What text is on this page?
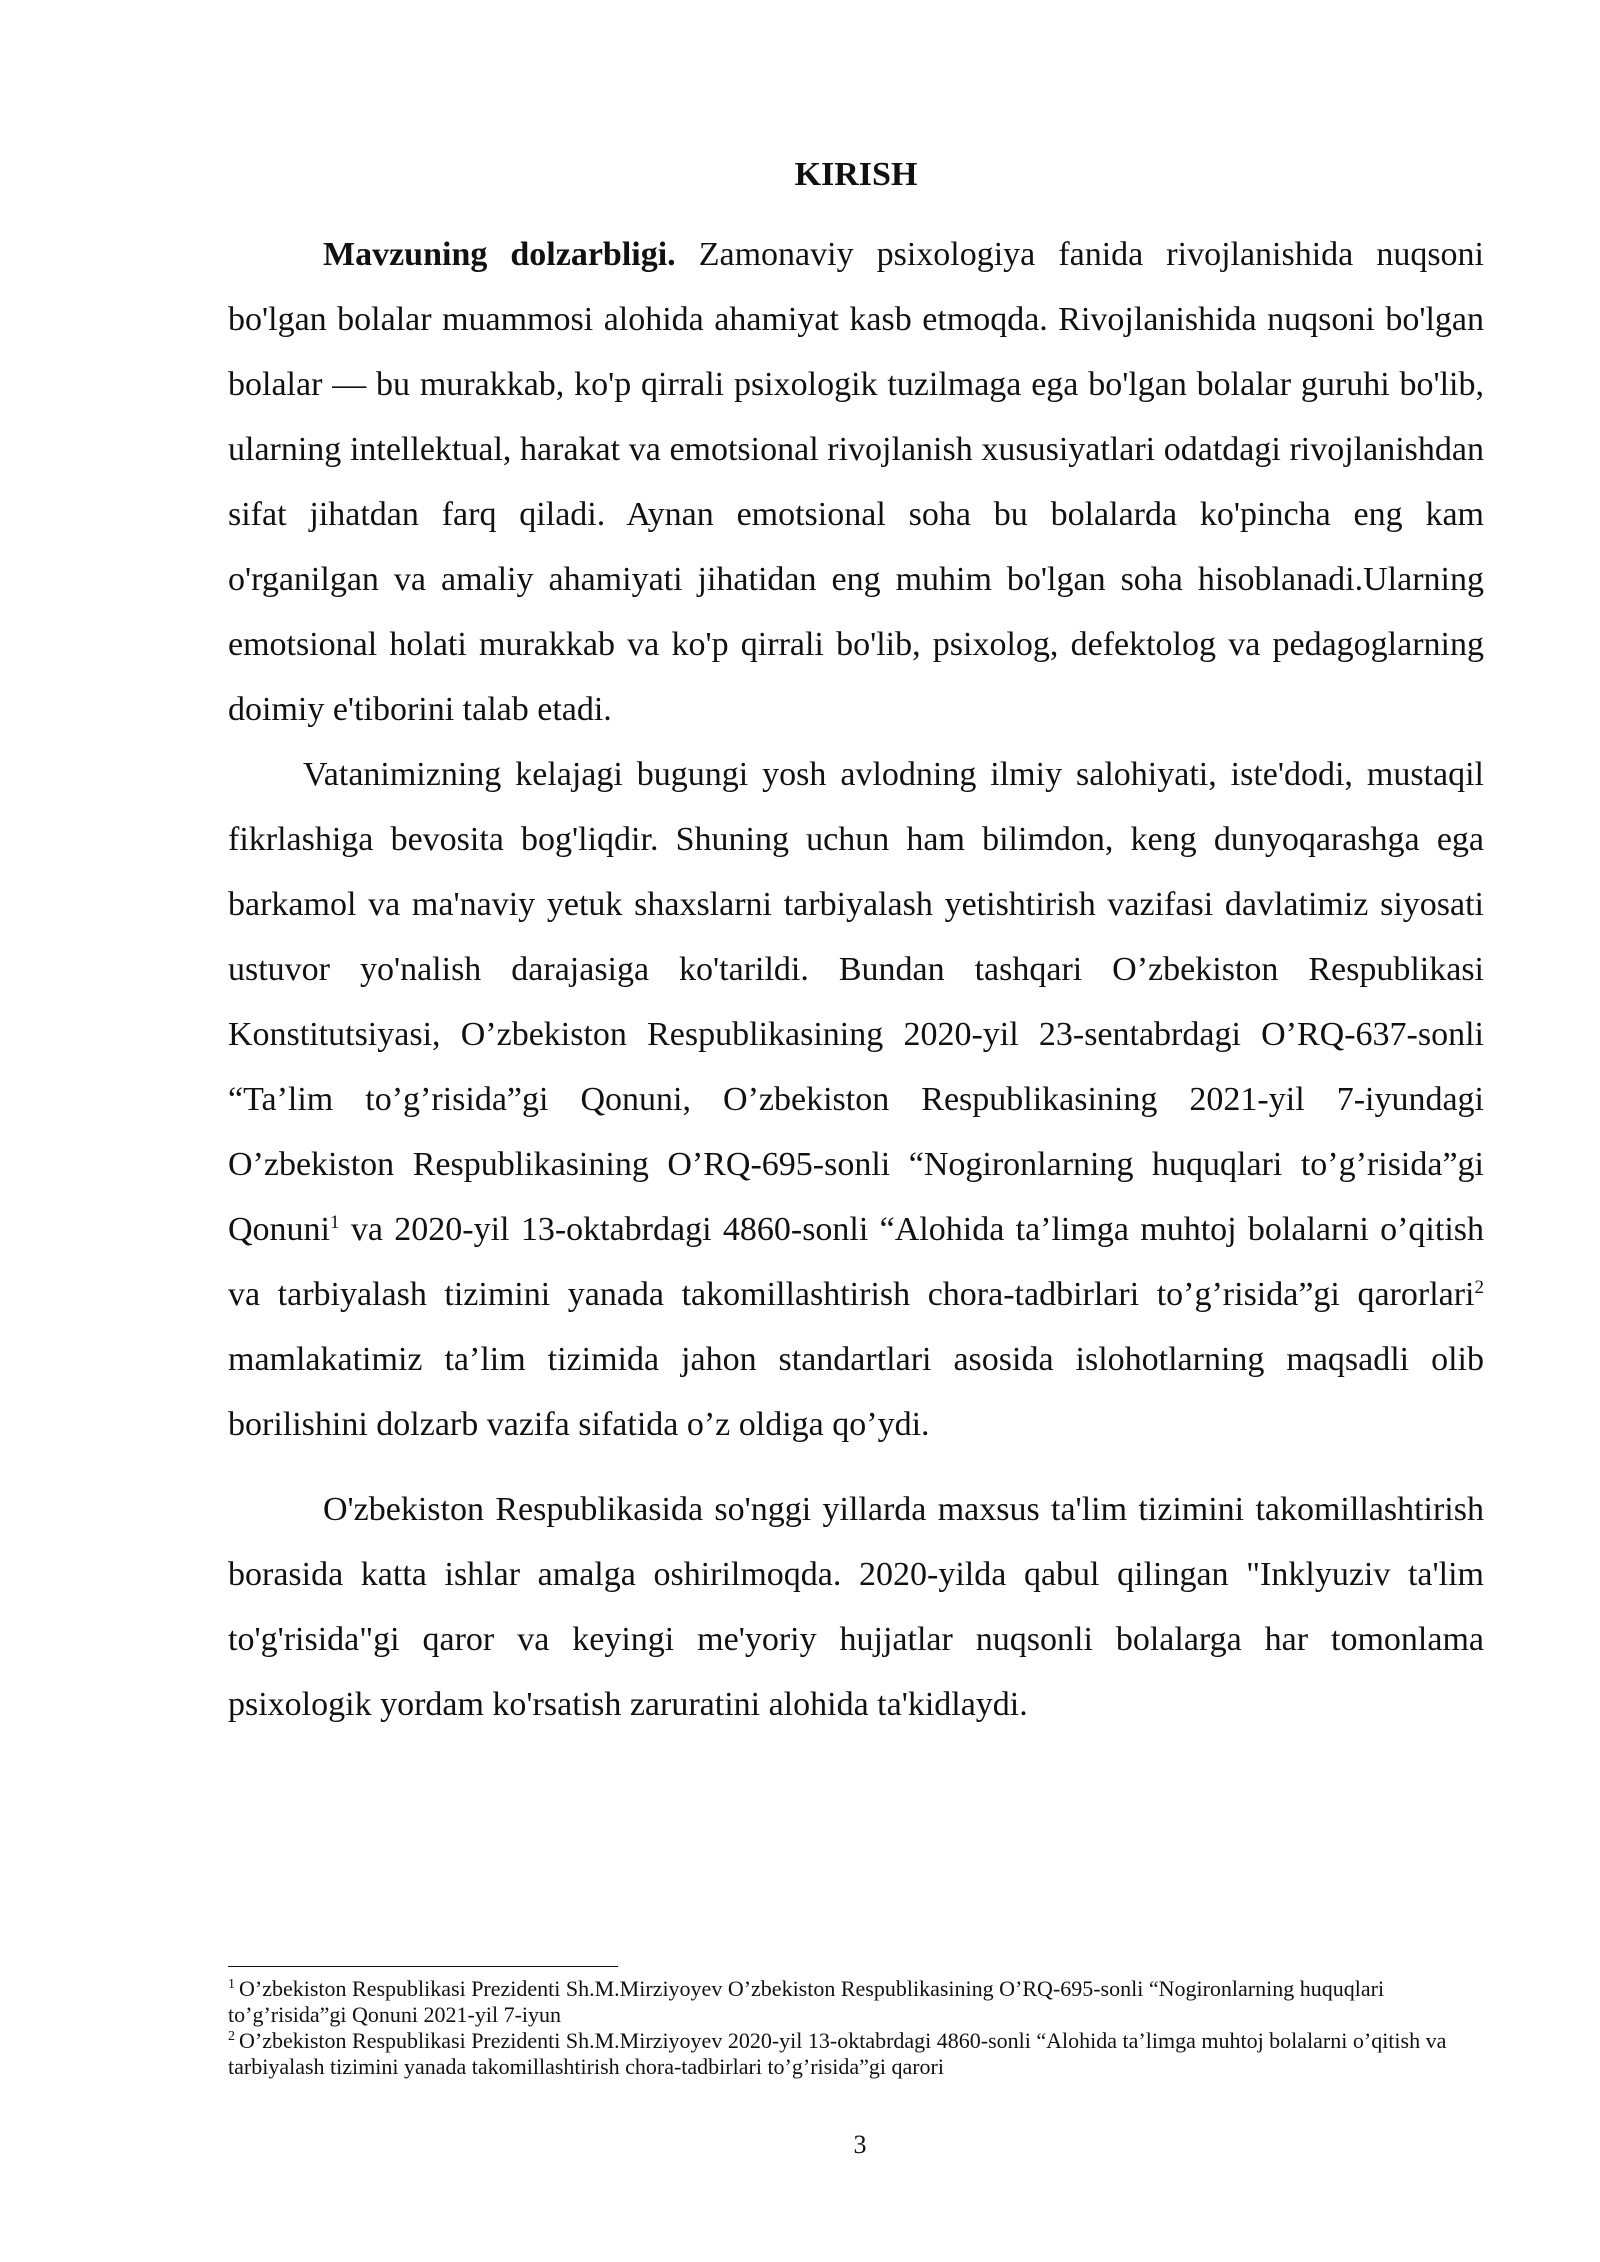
KIRISH

Mavzuning dolzarbligi. Zamonaviy psixologiya fanida rivojlanishida nuqsoni bo'lgan bolalar muammosi alohida ahamiyat kasb etmoqda. Rivojlanishida nuqsoni bo'lgan bolalar — bu murakkab, ko'p qirrali psixologik tuzilmaga ega bo'lgan bolalar guruhi bo'lib, ularning intellektual, harakat va emotsional rivojlanish xususiyatlari odatdagi rivojlanishdan sifat jihatdan farq qiladi. Aynan emotsional soha bu bolalarda ko'pincha eng kam o'rganilgan va amaliy ahamiyati jihatidan eng muhim bo'lgan soha hisoblanadi.Ularning emotsional holati murakkab va ko'p qirrali bo'lib, psixolog, defektolog va pedagoglarning doimiy e'tiborini talab etadi.

Vatanimizning kelajagi bugungi yosh avlodning ilmiy salohiyati, iste'dodi, mustaqil fikrlashiga bevosita bog'liqdir. Shuning uchun ham bilimdon, keng dunyoqarashga ega barkamol va ma'naviy yetuk shaxslarni tarbiyalash yetishtirish vazifasi davlatimiz siyosati ustuvor yo'nalish darajasiga ko'tarildi. Bundan tashqari O’zbekiston Respublikasi Konstitutsiyasi, O’zbekiston Respublikasining 2020-yil 23-sentabrdagi O’RQ-637-sonli “Ta’lim to’g’risida”gi Qonuni, O’zbekiston Respublikasining 2021-yil 7-iyundagi O’zbekiston Respublikasining O’RQ-695-sonli “Nogironlarning huquqlari to’g’risida”gi Qonuni$^1$ va 2020-yil 13-oktabrdagi 4860-sonli “Alohida ta’limga muhtoj bolalarni o’qitish va tarbiyalash tizimini yanada takomillashtirish chora-tadbirlari to’g’risida”gi qarorlari$^2$ mamlakatimiz ta’lim tizimida jahon standartlari asosida islohotlarning maqsadli olib borilishini dolzarb vazifa sifatida o’z oldiga qo’ydi.

O'zbekiston Respublikasida so'nggi yillarda maxsus ta'lim tizimini takomillashtirish borasida katta ishlar amalga oshirilmoqda. 2020-yilda qabul qilingan "Inklyuziv ta'lim to'g'risida"gi qaror va keyingi me'yoriy hujjatlar nuqsonli bolalarga har tomonlama psixologik yordam ko'rsatish zaruratini alohida ta'kidlaydi.

$^1$ O’zbekiston Respublikasi Prezidenti Sh.M.Mirziyoyev O’zbekiston Respublikasining O’RQ-695-sonli “Nogironlarning huquqlari to’g’risida”gi Qonuni 2021-yil 7-iyun

$^2$ O’zbekiston Respublikasi Prezidenti Sh.M.Mirziyoyev 2020-yil 13-oktabrdagi 4860-sonli “Alohida ta’limga muhtoj bolalarni o’qitish va tarbiyalash tizimini yanada takomillashtirish chora-tadbirlari to’g’risida”gi qarori

3
